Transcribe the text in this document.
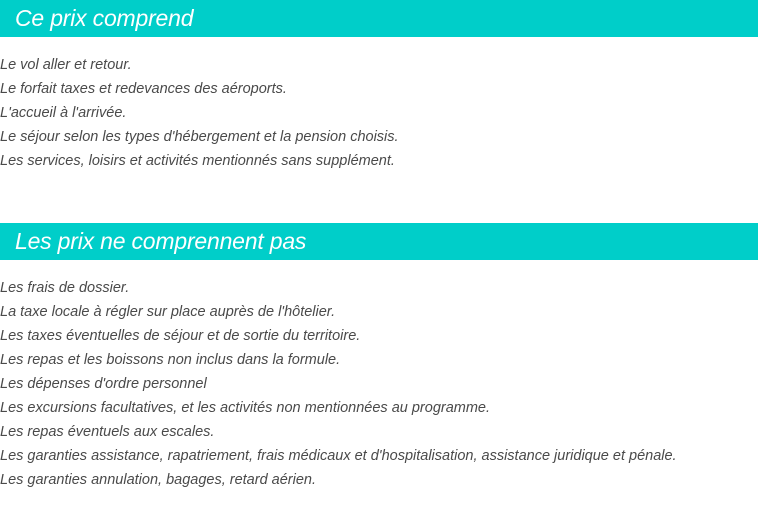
Ce prix comprend
Le vol aller et retour.
Le forfait taxes et redevances des aéroports.
L'accueil à l'arrivée.
Le séjour selon les types d'hébergement et la pension choisis.
Les services, loisirs et activités mentionnés sans supplément.
Les prix ne comprennent pas
Les frais de dossier.
La taxe locale à régler sur place auprès de l'hôtelier.
Les taxes éventuelles de séjour et de sortie du territoire.
Les repas et les boissons non inclus dans la formule.
Les dépenses d'ordre personnel
Les excursions facultatives, et les activités non mentionnées au programme.
Les repas éventuels aux escales.
Les garanties assistance, rapatriement, frais médicaux et d'hospitalisation, assistance juridique et pénale.
Les garanties annulation, bagages, retard aérien.
